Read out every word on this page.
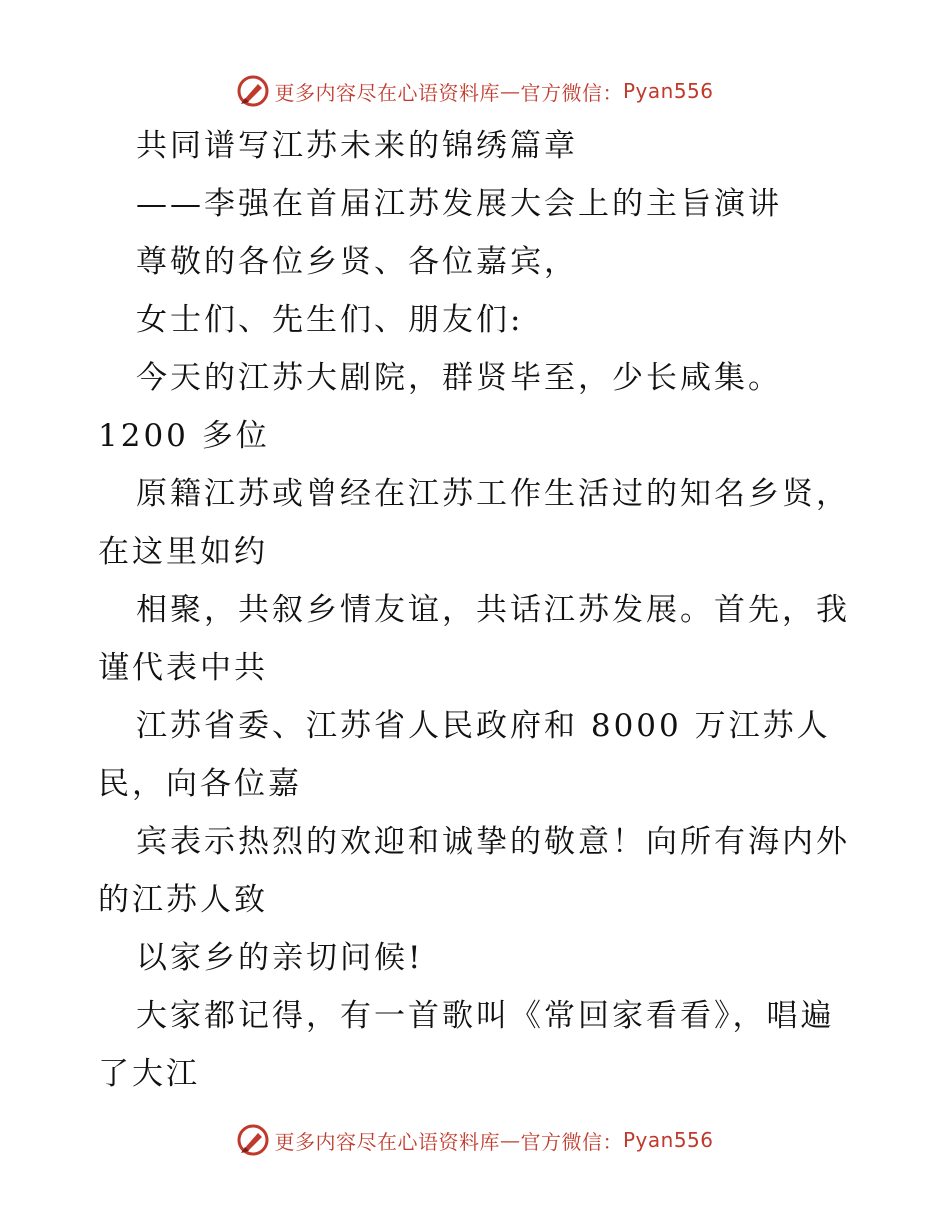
更多内容尽在心语资料库 — 官方微信： Pyan556

共同谱写江苏未来的锦绣篇章

——李强在首届江苏发展大会上的主旨演讲

尊敬的各位乡贤、各位嘉宾，

女士们、先生们、朋友们:

今天的江苏大剧院，群贤毕至，少长咸集。

1200 多位

原籍江苏或曾经在江苏工作生活过的知名乡贤，

在这里如约

相聚，共叙乡情友谊，共话江苏发展。首先，我

谨代表中共

江苏省委、江苏省人民政府和 8000 万江苏人

民，向各位嘉

宾表示热烈的欢迎和诚挚的敬意！向所有海内外

的江苏人致

以家乡的亲切问候!

大家都记得，有一首歌叫《常回家看看》，唱遍

了大江

更多内容尽在心语资料库 — 官方微信： Pyan556
